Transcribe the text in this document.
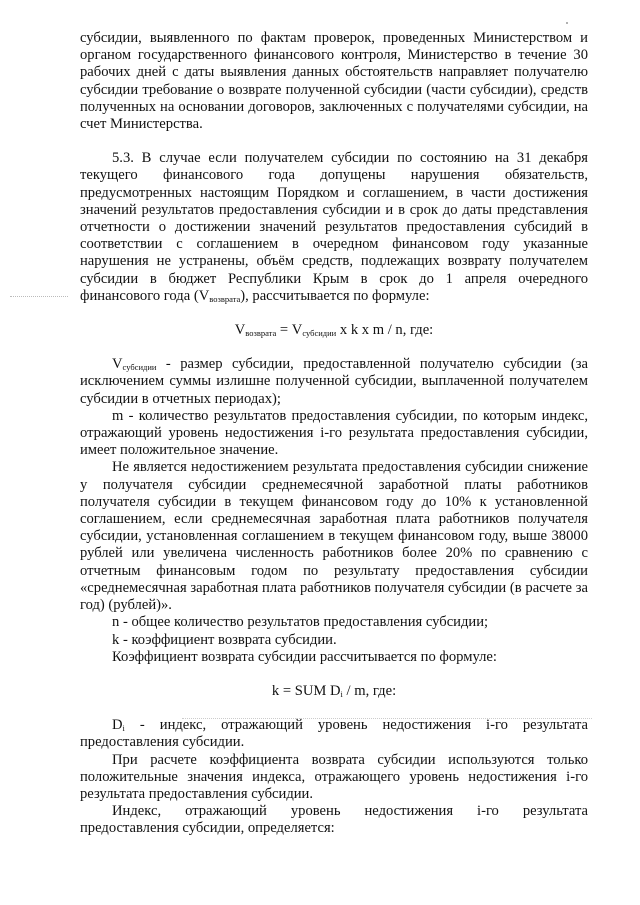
субсидии, выявленного по фактам проверок, проведенных Министерством и органом государственного финансового контроля, Министерство в течение 30 рабочих дней с даты выявления данных обстоятельств направляет получателю субсидии требование о возврате полученной субсидии (части субсидии), средств полученных на основании договоров, заключенных с получателями субсидии, на счет Министерства.

5.3. В случае если получателем субсидии по состоянию на 31 декабря текущего финансового года допущены нарушения обязательств, предусмотренных настоящим Порядком и соглашением, в части достижения значений результатов предоставления субсидии и в срок до даты представления отчетности о достижении значений результатов предоставления субсидий в соответствии с соглашением в очередном финансовом году указанные нарушения не устранены, объём средств, подлежащих возврату получателем субсидии в бюджет Республики Крым в срок до 1 апреля очередного финансового года $(V_{возврата})$, рассчитывается по формуле:

$V_{возврата} = V_{субсидии}$ x k x m / n, где:

$V_{субсидии}$ - размер субсидии, предоставленной получателю субсидии (за исключением суммы излишне полученной субсидии, выплаченной получателем субсидии в отчетных периодах);

m - количество результатов предоставления субсидии, по которым индекс, отражающий уровень недостижения i-го результата предоставления субсидии, имеет положительное значение.

Не является недостижением результата предоставления субсидии снижение у получателя субсидии среднемесячной заработной платы работников получателя субсидии в текущем финансовом году до 10% к установленной соглашением, если среднемесячная заработная плата работников получателя субсидии, установленная соглашением в текущем финансовом году, выше 38000 рублей или увеличена численность работников более 20% по сравнению с отчетным финансовым годом по результату предоставления субсидии «среднемесячная заработная плата работников получателя субсидии (в расчете за год) (рублей)».

n - общее количество результатов предоставления субсидии;

k - коэффициент возврата субсидии.

Коэффициент возврата субсидии рассчитывается по формуле:

k = SUM $D_i$ / m, где:

$D_i$ - индекс, отражающий уровень недостижения i-го результата предоставления субсидии.

При расчете коэффициента возврата субсидии используются только положительные значения индекса, отражающего уровень недостижения i-го результата предоставления субсидии.

Индекс, отражающий уровень недостижения i-го результата предоставления субсидии, определяется:
